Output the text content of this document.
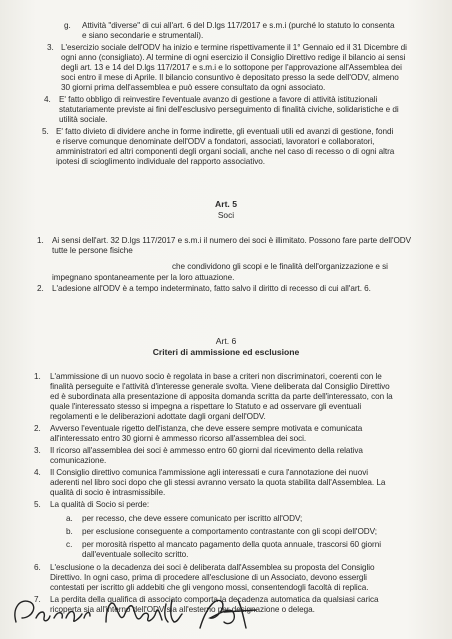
g. Attività "diverse" di cui all'art. 6 del D.lgs 117/2017 e s.m.i (purché lo statuto lo consenta
e siano secondarie e strumentali).
3. L'esercizio sociale dell'ODV ha inizio e termine rispettivamente il 1° Gennaio ed il 31 Dicembre di
ogni anno (consigliato). Al termine di ogni esercizio il Consiglio Direttivo redige il bilancio ai sensi
degli art. 13 e 14 del D.lgs 117/2017 e s.m.i e lo sottopone per l'approvazione all'Assemblea dei
soci entro il mese di Aprile. Il bilancio consuntivo è depositato presso la sede dell'ODV, almeno
30 giorni prima dell'assemblea e può essere consultato da ogni associato.
4. E' fatto obbligo di reinvestire l'eventuale avanzo di gestione a favore di attività istituzionali
statutariamente previste ai fini dell'esclusivo perseguimento di finalità civiche, solidaristiche e di
utilità sociale.
5. E' fatto divieto di dividere anche in forme indirette, gli eventuali utili ed avanzi di gestione, fondi
e riserve comunque denominate dell'ODV a fondatori, associati, lavoratori e collaboratori,
amministratori ed altri componenti degli organi sociali, anche nel caso di recesso o di ogni altra
ipotesi di scioglimento individuale del rapporto associativo.
Art. 5
Soci
1. Ai sensi dell'art. 32 D.lgs 117/2017 e s.m.i il numero dei soci è illimitato. Possono fare parte dell'ODV
tutte le persone fisiche
che condividono gli scopi e le finalità dell'organizzazione e si
impegnano spontaneamente per la loro attuazione.
2. L'adesione all'ODV è a tempo indeterminato, fatto salvo il diritto di recesso di cui all'art. 6.
Art. 6
Criteri di ammissione ed esclusione
1. L'ammissione di un nuovo socio è regolata in base a criteri non discriminatori, coerenti con le
finalità perseguite e l'attività d'interesse generale svolta. Viene deliberata dal Consiglio Direttivo
ed è subordinata alla presentazione di apposita domanda scritta da parte dell'interessato, con la
quale l'interessato stesso si impegna a rispettare lo Statuto e ad osservare gli eventuali
regolamenti e le deliberazioni adottate dagli organi dell'ODV.
2. Avverso l'eventuale rigetto dell'istanza, che deve essere sempre motivata e comunicata
all'interessato entro 30 giorni è ammesso ricorso all'assemblea dei soci.
3. Il ricorso all'assemblea dei soci è ammesso entro 60 giorni dal ricevimento della relativa
comunicazione.
4. Il Consiglio direttivo comunica l'ammissione agli interessati e cura l'annotazione dei nuovi
aderenti nel libro soci dopo che gli stessi avranno versato la quota stabilita dall'Assemblea. La
qualità di socio è intrasmissibile.
5. La qualità di Socio si perde:
a. per recesso, che deve essere comunicato per iscritto all'ODV;
b. per esclusione conseguente a comportamento contrastante con gli scopi dell'ODV;
c. per morosità rispetto al mancato pagamento della quota annuale, trascorsi 60 giorni
dall'eventuale sollecito scritto.
6. L'esclusione o la decadenza dei soci è deliberata dall'Assemblea su proposta del Consiglio
Direttivo. In ogni caso, prima di procedere all'esclusione di un Associato, devono essergli
contestati per iscritto gli addebiti che gli vengono mossi, consentendogli facoltà di replica.
7. La perdita della qualifica di associato comporta la decadenza automatica da qualsiasi carica
ricoperta sia all'interno dell'ODV sia all'esterno per designazione o delega.
